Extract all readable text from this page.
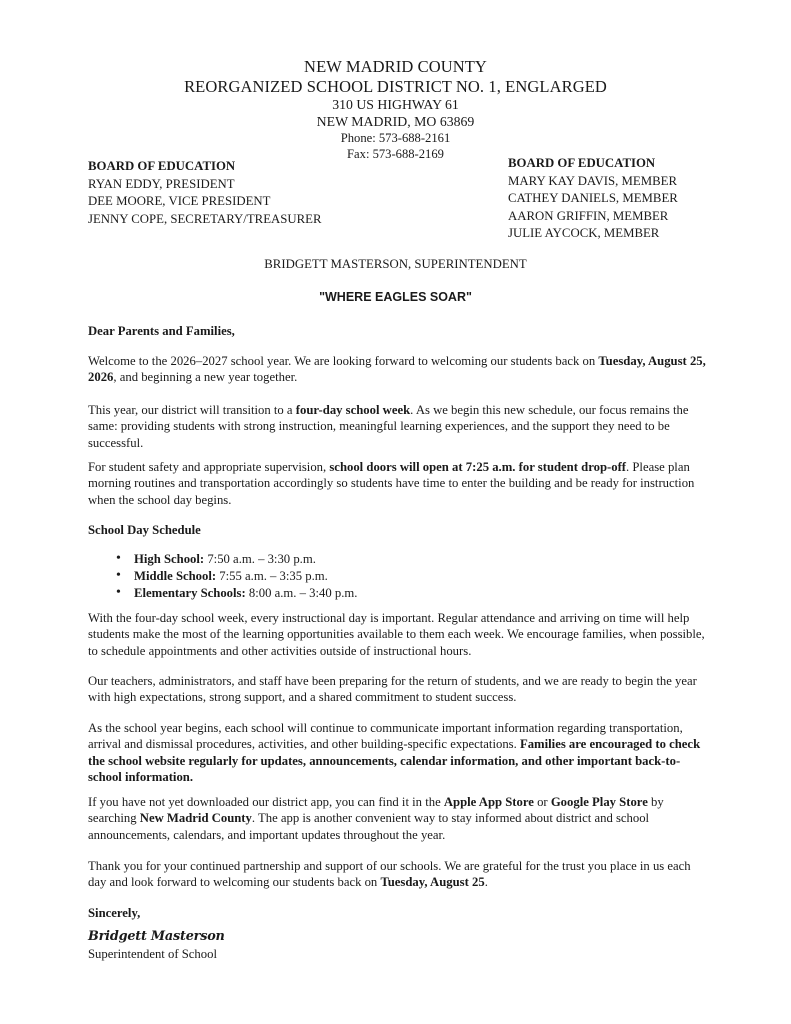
NEW MADRID COUNTY
REORGANIZED SCHOOL DISTRICT NO. 1, ENGLARGED
310 US HIGHWAY 61
NEW MADRID, MO 63869
Phone: 573-688-2161
Fax: 573-688-2169
BOARD OF EDUCATION
RYAN EDDY, PRESIDENT
DEE MOORE, VICE PRESIDENT
JENNY COPE, SECRETARY/TREASURER
BOARD OF EDUCATION
MARY KAY DAVIS, MEMBER
CATHEY DANIELS, MEMBER
AARON GRIFFIN, MEMBER
JULIE AYCOCK, MEMBER
BRIDGETT MASTERSON, SUPERINTENDENT
"WHERE EAGLES SOAR"
Dear Parents and Families,
Welcome to the 2026–2027 school year. We are looking forward to welcoming our students back on Tuesday, August 25, 2026, and beginning a new year together.
This year, our district will transition to a four-day school week. As we begin this new schedule, our focus remains the same: providing students with strong instruction, meaningful learning experiences, and the support they need to be successful.
For student safety and appropriate supervision, school doors will open at 7:25 a.m. for student drop-off. Please plan morning routines and transportation accordingly so students have time to enter the building and be ready for instruction when the school day begins.
School Day Schedule
• High School: 7:50 a.m. – 3:30 p.m.
• Middle School: 7:55 a.m. – 3:35 p.m.
• Elementary Schools: 8:00 a.m. – 3:40 p.m.
With the four-day school week, every instructional day is important. Regular attendance and arriving on time will help students make the most of the learning opportunities available to them each week. We encourage families, when possible, to schedule appointments and other activities outside of instructional hours.
Our teachers, administrators, and staff have been preparing for the return of students, and we are ready to begin the year with high expectations, strong support, and a shared commitment to student success.
As the school year begins, each school will continue to communicate important information regarding transportation, arrival and dismissal procedures, activities, and other building-specific expectations. Families are encouraged to check the school website regularly for updates, announcements, calendar information, and other important back-to-school information.
If you have not yet downloaded our district app, you can find it in the Apple App Store or Google Play Store by searching New Madrid County. The app is another convenient way to stay informed about district and school announcements, calendars, and important updates throughout the year.
Thank you for your continued partnership and support of our schools. We are grateful for the trust you place in us each day and look forward to welcoming our students back on Tuesday, August 25.
Sincerely,
Bridgett Masterson
Superintendent of School
